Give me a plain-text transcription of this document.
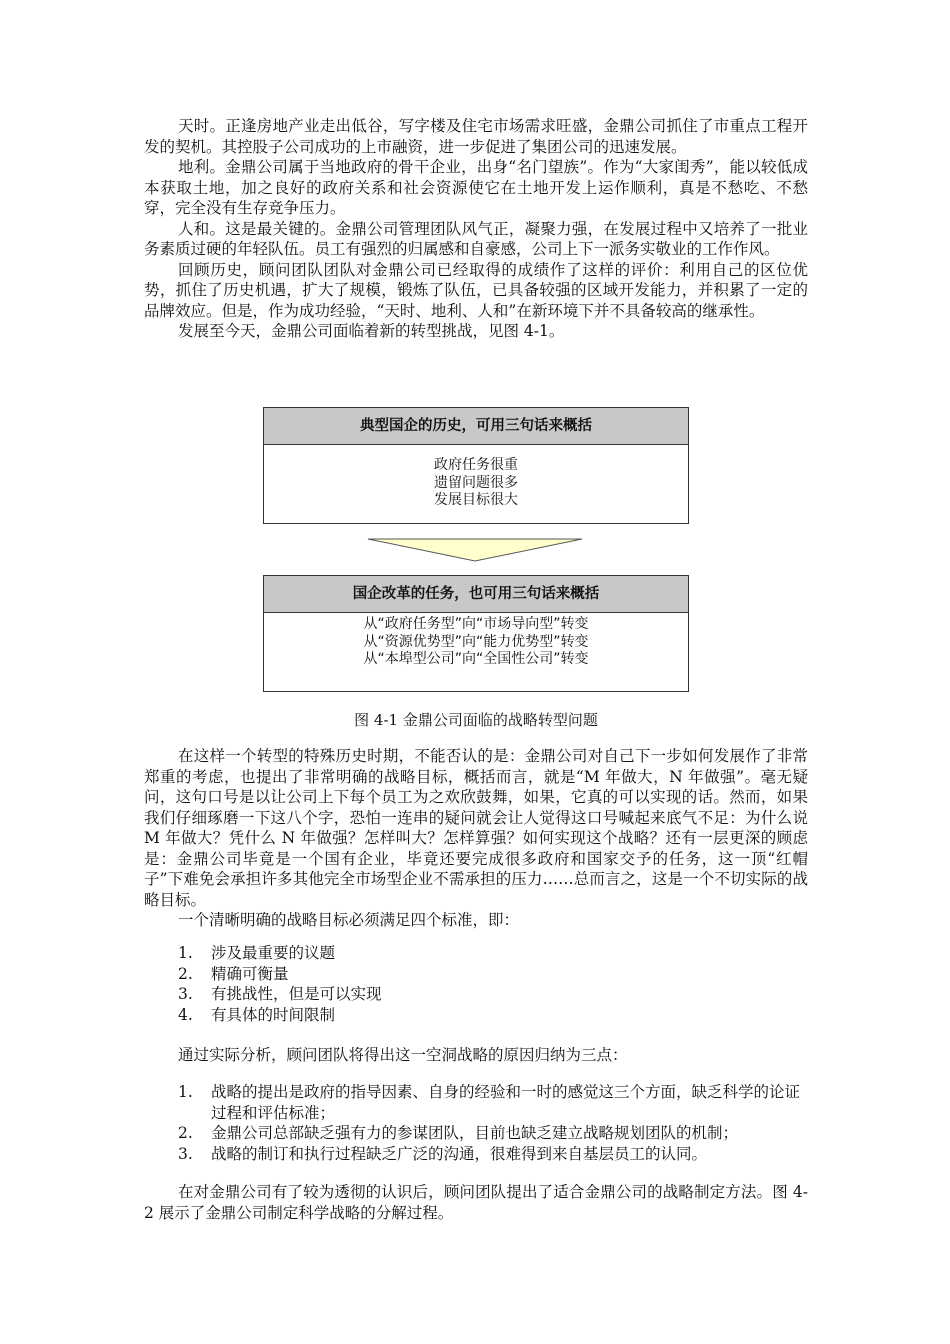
天时。正逢房地产业走出低谷，写字楼及住宅市场需求旺盛，金鼎公司抓住了市重点工程开发的契机。其控股子公司成功的上市融资，进一步促进了集团公司的迅速发展。

地利。金鼎公司属于当地政府的骨干企业，出身“名门望族”。作为“大家闺秀”，能以较低成本获取土地，加之良好的政府关系和社会资源使它在土地开发上运作顺利，真是不愁吃、不愁穿，完全没有生存竞争压力。

人和。这是最关键的。金鼎公司管理团队风气正，凝聚力强，在发展过程中又培养了一批业务素质过硬的年轻队伍。员工有强烈的归属感和自豪感，公司上下一派务实敬业的工作作风。

回顾历史，顾问团队团队对金鼎公司已经取得的成绩作了这样的评价：利用自己的区位优势，抓住了历史机遇，扩大了规模，锻炼了队伍，已具备较强的区域开发能力，并积累了一定的品牌效应。但是，作为成功经验，“天时、地利、人和”在新环境下并不具备较高的继承性。

发展至今天，金鼎公司面临着新的转型挑战，见图 4-1。

典型国企的历史，可用三句话来概括
政府任务很重
遗留问题很多
发展目标很大
国企改革的任务，也可用三句话来概括
从“政府任务型”向“市场导向型”转变
从“资源优势型”向“能力优势型”转变
从“本埠型公司”向“全国性公司”转变
图 4-1 金鼎公司面临的战略转型问题

在这样一个转型的特殊历史时期，不能否认的是：金鼎公司对自己下一步如何发展作了非常郑重的考虑，也提出了非常明确的战略目标，概括而言，就是“M 年做大，N 年做强”。毫无疑问，这句口号是以让公司上下每个员工为之欢欣鼓舞，如果，它真的可以实现的话。然而，如果我们仔细琢磨一下这八个字，恐怕一连串的疑问就会让人觉得这口号喊起来底气不足：为什么说 M 年做大？凭什么 N 年做强？怎样叫大？怎样算强？如何实现这个战略？还有一层更深的顾虑是：金鼎公司毕竟是一个国有企业，毕竟还要完成很多政府和国家交予的任务，这一顶“红帽子”下难免会承担许多其他完全市场型企业不需承担的压力……总而言之，这是一个不切实际的战略目标。

一个清晰明确的战略目标必须满足四个标准，即：

1. 涉及最重要的议题
2. 精确可衡量
3. 有挑战性，但是可以实现
4. 有具体的时间限制
通过实际分析，顾问团队将得出这一空洞战略的原因归纳为三点：
1. 战略的提出是政府的指导因素、自身的经验和一时的感觉这三个方面，缺乏科学的论证过程和评估标准；
2. 金鼎公司总部缺乏强有力的参谋团队，目前也缺乏建立战略规划团队的机制；
3. 战略的制订和执行过程缺乏广泛的沟通，很难得到来自基层员工的认同。

在对金鼎公司有了较为透彻的认识后，顾问团队提出了适合金鼎公司的战略制定方法。图 4-2 展示了金鼎公司制定科学战略的分解过程。
